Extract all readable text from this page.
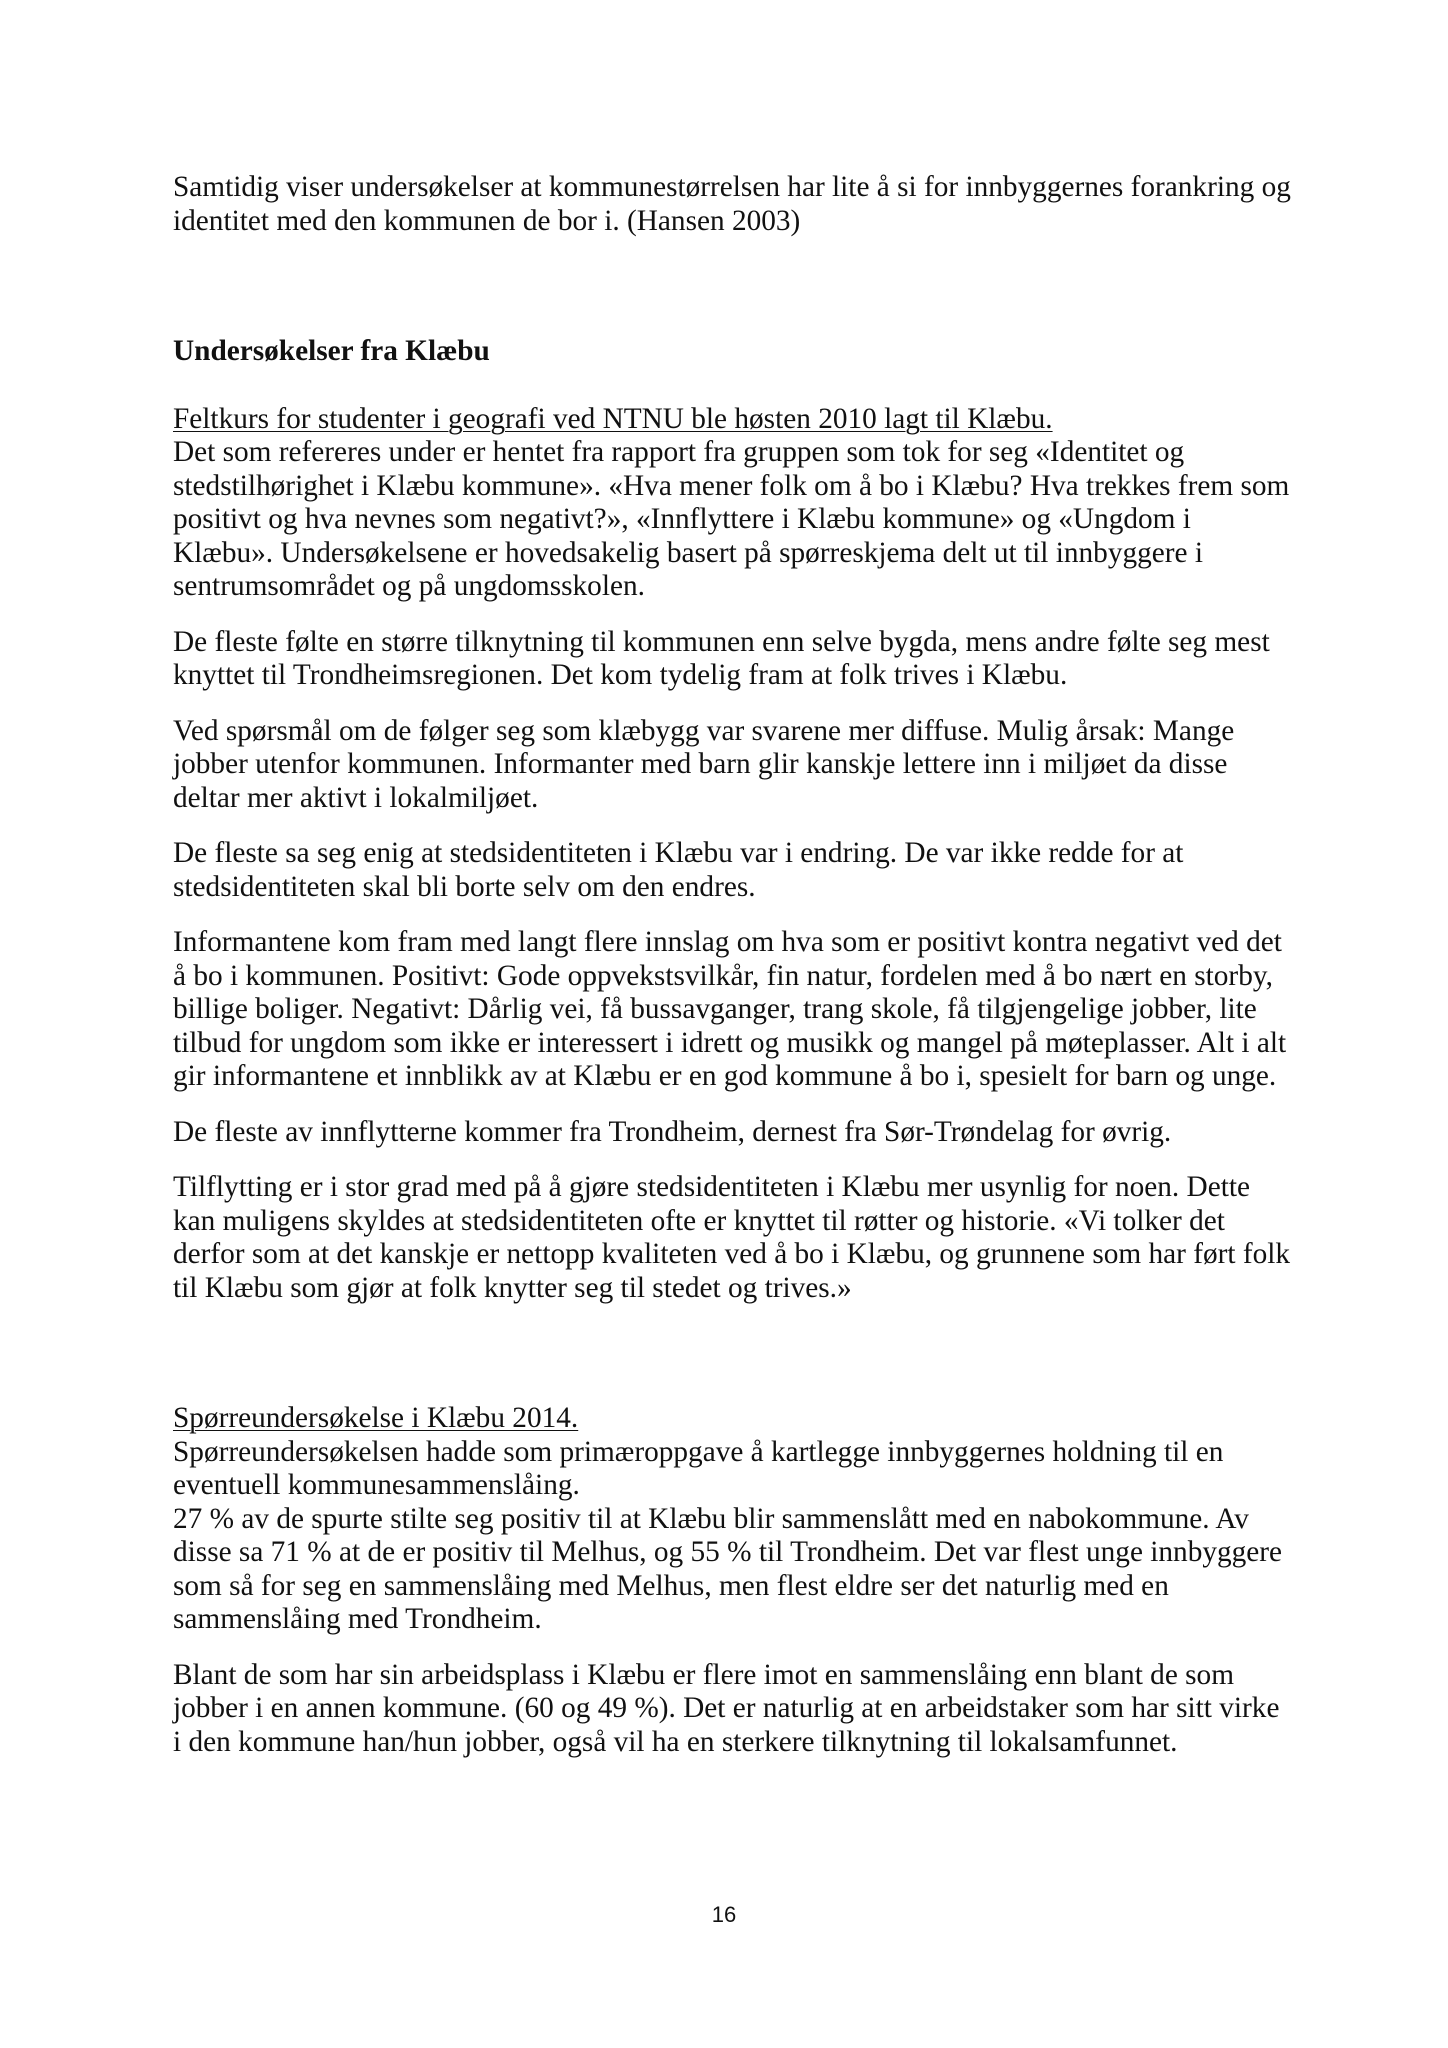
Samtidig viser undersøkelser at kommunestørrelsen har lite å si for innbyggernes forankring og identitet med den kommunen de bor i. (Hansen 2003)

Undersøkelser fra Klæbu

Feltkurs for studenter i geografi ved NTNU ble høsten 2010 lagt til Klæbu.

Det som refereres under er hentet fra rapport fra gruppen som tok for seg «Identitet og stedstilhørighet i Klæbu kommune». «Hva mener folk om å bo i Klæbu? Hva trekkes frem som positivt og hva nevnes som negativt?», «Innflyttere i Klæbu kommune» og «Ungdom i Klæbu». Undersøkelsene er hovedsakelig basert på spørreskjema delt ut til innbyggere i sentrumsområdet og på ungdomsskolen.

De fleste følte en større tilknytning til kommunen enn selve bygda, mens andre følte seg mest knyttet til Trondheimsregionen. Det kom tydelig fram at folk trives i Klæbu.

Ved spørsmål om de følger seg som klæbygg var svarene mer diffuse. Mulig årsak: Mange jobber utenfor kommunen. Informanter med barn glir kanskje lettere inn i miljøet da disse deltar mer aktivt i lokalmiljøet.

De fleste sa seg enig at stedsidentiteten i Klæbu var i endring. De var ikke redde for at stedsidentiteten skal bli borte selv om den endres.

Informantene kom fram med langt flere innslag om hva som er positivt kontra negativt ved det å bo i kommunen. Positivt: Gode oppvekstsvilkår, fin natur, fordelen med å bo nært en storby, billige boliger. Negativt: Dårlig vei, få bussavganger, trang skole, få tilgjengelige jobber, lite tilbud for ungdom som ikke er interessert i idrett og musikk og mangel på møteplasser. Alt i alt gir informantene et innblikk av at Klæbu er en god kommune å bo i, spesielt for barn og unge.

De fleste av innflytterne kommer fra Trondheim, dernest fra Sør-Trøndelag for øvrig.

Tilflytting er i stor grad med på å gjøre stedsidentiteten i Klæbu mer usynlig for noen. Dette kan muligens skyldes at stedsidentiteten ofte er knyttet til røtter og historie. «Vi tolker det derfor som at det kanskje er nettopp kvaliteten ved å bo i Klæbu, og grunnene som har ført folk til Klæbu som gjør at folk knytter seg til stedet og trives.»

Spørreundersøkelse i Klæbu 2014.

Spørreundersøkelsen hadde som primæroppgave å kartlegge innbyggernes holdning til en eventuell kommunesammenslåing.

27 % av de spurte stilte seg positiv til at Klæbu blir sammenslått med en nabokommune. Av disse sa 71 % at de er positiv til Melhus, og 55 % til Trondheim. Det var flest unge innbyggere som så for seg en sammenslåing med Melhus, men flest eldre ser det naturlig med en sammenslåing med Trondheim.

Blant de som har sin arbeidsplass i Klæbu er flere imot en sammenslåing enn blant de som jobber i en annen kommune. (60 og 49 %). Det er naturlig at en arbeidstaker som har sitt virke i den kommune han/hun jobber, også vil ha en sterkere tilknytning til lokalsamfunnet.

16
